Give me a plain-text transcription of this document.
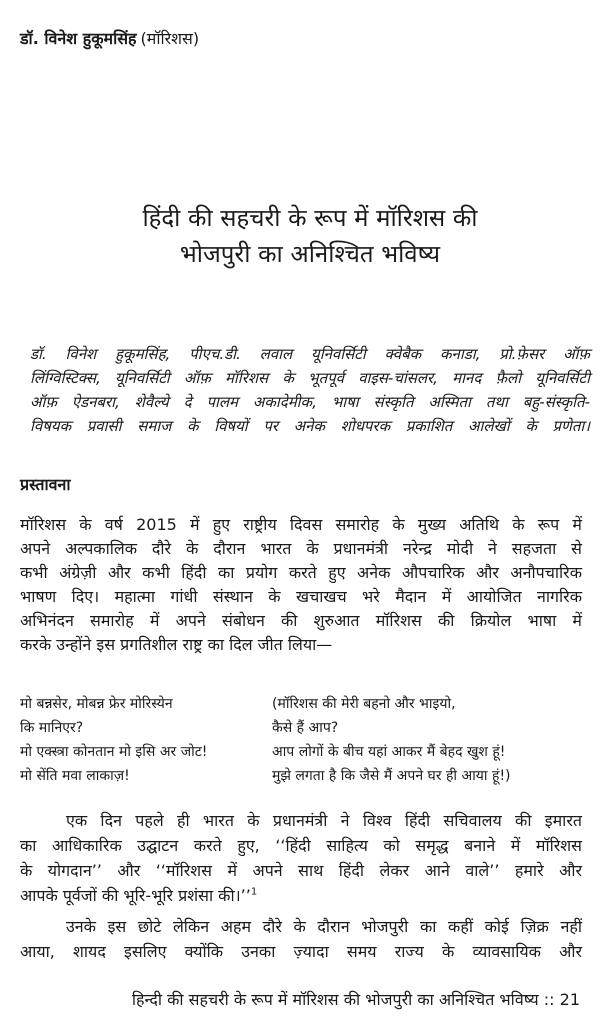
डॉ. विनेश हुकूमसिंह (मॉरिशस)
हिंदी की सहचरी के रूप में मॉरिशस की
भोजपुरी का अनिश्चित भविष्य
डॉ. विनेश हुकूमसिंह, पीएच.डी. लवाल यूनिवर्सिटी क्वेबैक कनाडा, प्रो.फ़ेसर ऑफ़
लिंग्विस्टिक्स, यूनिवर्सिटी ऑफ़ मॉरिशस के भूतपूर्व वाइस-चांसलर, मानद फ़ैलो यूनिवर्सिटी
ऑफ़ ऐडनबरा, शेवैल्ये दे पालम अकादेमीक, भाषा संस्कृति अस्मिता तथा बहु-संस्कृति-
विषयक प्रवासी समाज के विषयों पर अनेक शोधपरक प्रकाशित आलेखों के प्रणेता।
प्रस्तावना
मॉरिशस के वर्ष 2015 में हुए राष्ट्रीय दिवस समारोह के मुख्य अतिथि के रूप में
अपने अल्पकालिक दौरे के दौरान भारत के प्रधानमंत्री नरेन्द्र मोदी ने सहजता से
कभी अंग्रेज़ी और कभी हिंदी का प्रयोग करते हुए अनेक औपचारिक और अनौपचारिक
भाषण दिए। महात्मा गांधी संस्थान के खचाखच भरे मैदान में आयोजित नागरिक
अभिनंदन समारोह में अपने संबोधन की शुरुआत मॉरिशस की क्रियोल भाषा में
करके उन्होंने इस प्रगतिशील राष्ट्र का दिल जीत लिया—
मो बन्नसेर, मोबन्न फ्रेर मोरिस्येन	(मॉरिशस की मेरी बहनो और भाइयो,
कि मानिएर?	कैसे हैं आप?
मो एक्स्त्रा कोनतान मो इसि अर जोट!	आप लोगों के बीच यहां आकर मैं बेहद खुश हूं!
मो सेंति मवा लाकाज़!	मुझे लगता है कि जैसे मैं अपने घर ही आया हूं!)
एक दिन पहले ही भारत के प्रधानमंत्री ने विश्व हिंदी सचिवालय की इमारत
का आधिकारिक उद्घाटन करते हुए, ‘‘हिंदी साहित्य को समृद्ध बनाने में मॉरिशस
के योगदान’’ और ‘‘मॉरिशस में अपने साथ हिंदी लेकर आने वाले’’ हमारे और
आपके पूर्वजों की भूरि-भूरि प्रशंसा की।’’$^1$
उनके इस छोटे लेकिन अहम दौरे के दौरान भोजपुरी का कहीं कोई ज़िक्र नहीं
आया, शायद इसलिए क्योंकि उनका ज़्यादा समय राज्य के व्यावसायिक और
हिन्दी की सहचरी के रूप में मॉरिशस की भोजपुरी का अनिश्चित भविष्य :: 21
